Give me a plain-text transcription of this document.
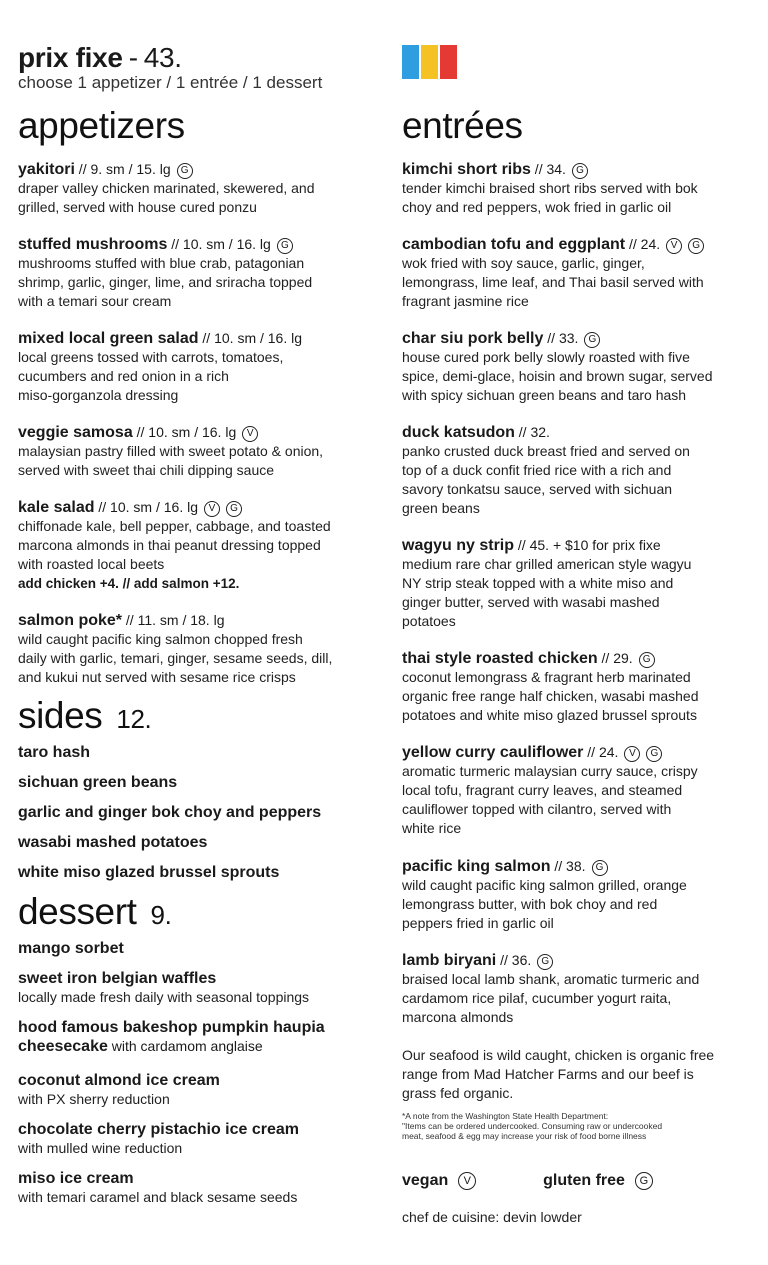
prix fixe - 43.
choose 1 appetizer / 1 entrée / 1 dessert
appetizers	entrées
sides 12.
dessert 9.
yakitori // 9. sm / 15. lg G
draper valley chicken marinated, skewered, and
grilled, served with house cured ponzu
stuffed mushrooms // 10. sm / 16. lg G
mushrooms stuffed with blue crab, patagonian
shrimp, garlic, ginger, lime, and sriracha topped
with a temari sour cream
mixed local green salad // 10. sm / 16. lg
local greens tossed with carrots, tomatoes,
cucumbers and red onion in a rich
miso-gorganzola dressing
veggie samosa // 10. sm / 16. lg V
malaysian pastry filled with sweet potato & onion,
served with sweet thai chili dipping sauce
kale salad // 10. sm / 16. lg V G
chiffonade kale, bell pepper, cabbage, and toasted
marcona almonds in thai peanut dressing topped
with roasted local beets
add chicken +4. // add salmon +12.
salmon poke* // 11. sm / 18. lg
wild caught pacific king salmon chopped fresh
daily with garlic, temari, ginger, sesame seeds, dill,
and kukui nut served with sesame rice crisps
taro hash
sichuan green beans
garlic and ginger bok choy and peppers
wasabi mashed potatoes
white miso glazed brussel sprouts
mango sorbet
sweet iron belgian waffles
locally made fresh daily with seasonal toppings
hood famous bakeshop pumpkin haupia
cheesecake with cardamom anglaise
coconut almond ice cream
with PX sherry reduction
chocolate cherry pistachio ice cream
with mulled wine reduction
miso ice cream
with temari caramel and black sesame seeds
kimchi short ribs // 34. G
tender kimchi braised short ribs served with bok
choy and red peppers, wok fried in garlic oil
cambodian tofu and eggplant // 24. V G
wok fried with soy sauce, garlic, ginger,
lemongrass, lime leaf, and Thai basil served with
fragrant jasmine rice
char siu pork belly // 33. G
house cured pork belly slowly roasted with five
spice, demi-glace, hoisin and brown sugar, served
with spicy sichuan green beans and taro hash
duck katsudon // 32.
panko crusted duck breast fried and served on
top of a duck confit fried rice with a rich and
savory tonkatsu sauce, served with sichuan
green beans
wagyu ny strip // 45. + $10 for prix fixe
medium rare char grilled american style wagyu
NY strip steak topped with a white miso and
ginger butter, served with wasabi mashed
potatoes
thai style roasted chicken // 29. G
coconut lemongrass & fragrant herb marinated
organic free range half chicken, wasabi mashed
potatoes and white miso glazed brussel sprouts
yellow curry cauliflower // 24. V G
aromatic turmeric malaysian curry sauce, crispy
local tofu, fragrant curry leaves, and steamed
cauliflower topped with cilantro, served with
white rice
pacific king salmon // 38. G
wild caught pacific king salmon grilled, orange
lemongrass butter, with bok choy and red
peppers fried in garlic oil
lamb biryani // 36. G
braised local lamb shank, aromatic turmeric and
cardamom rice pilaf, cucumber yogurt raita,
marcona almonds
Our seafood is wild caught, chicken is organic free
range from Mad Hatcher Farms and our beef is
grass fed organic.
*A note from the Washington State Health Department:
"Items can be ordered undercooked. Consuming raw or undercooked
meat, seafood & egg may increase your risk of food borne illness
vegan V	gluten free G
chef de cuisine: devin lowder
